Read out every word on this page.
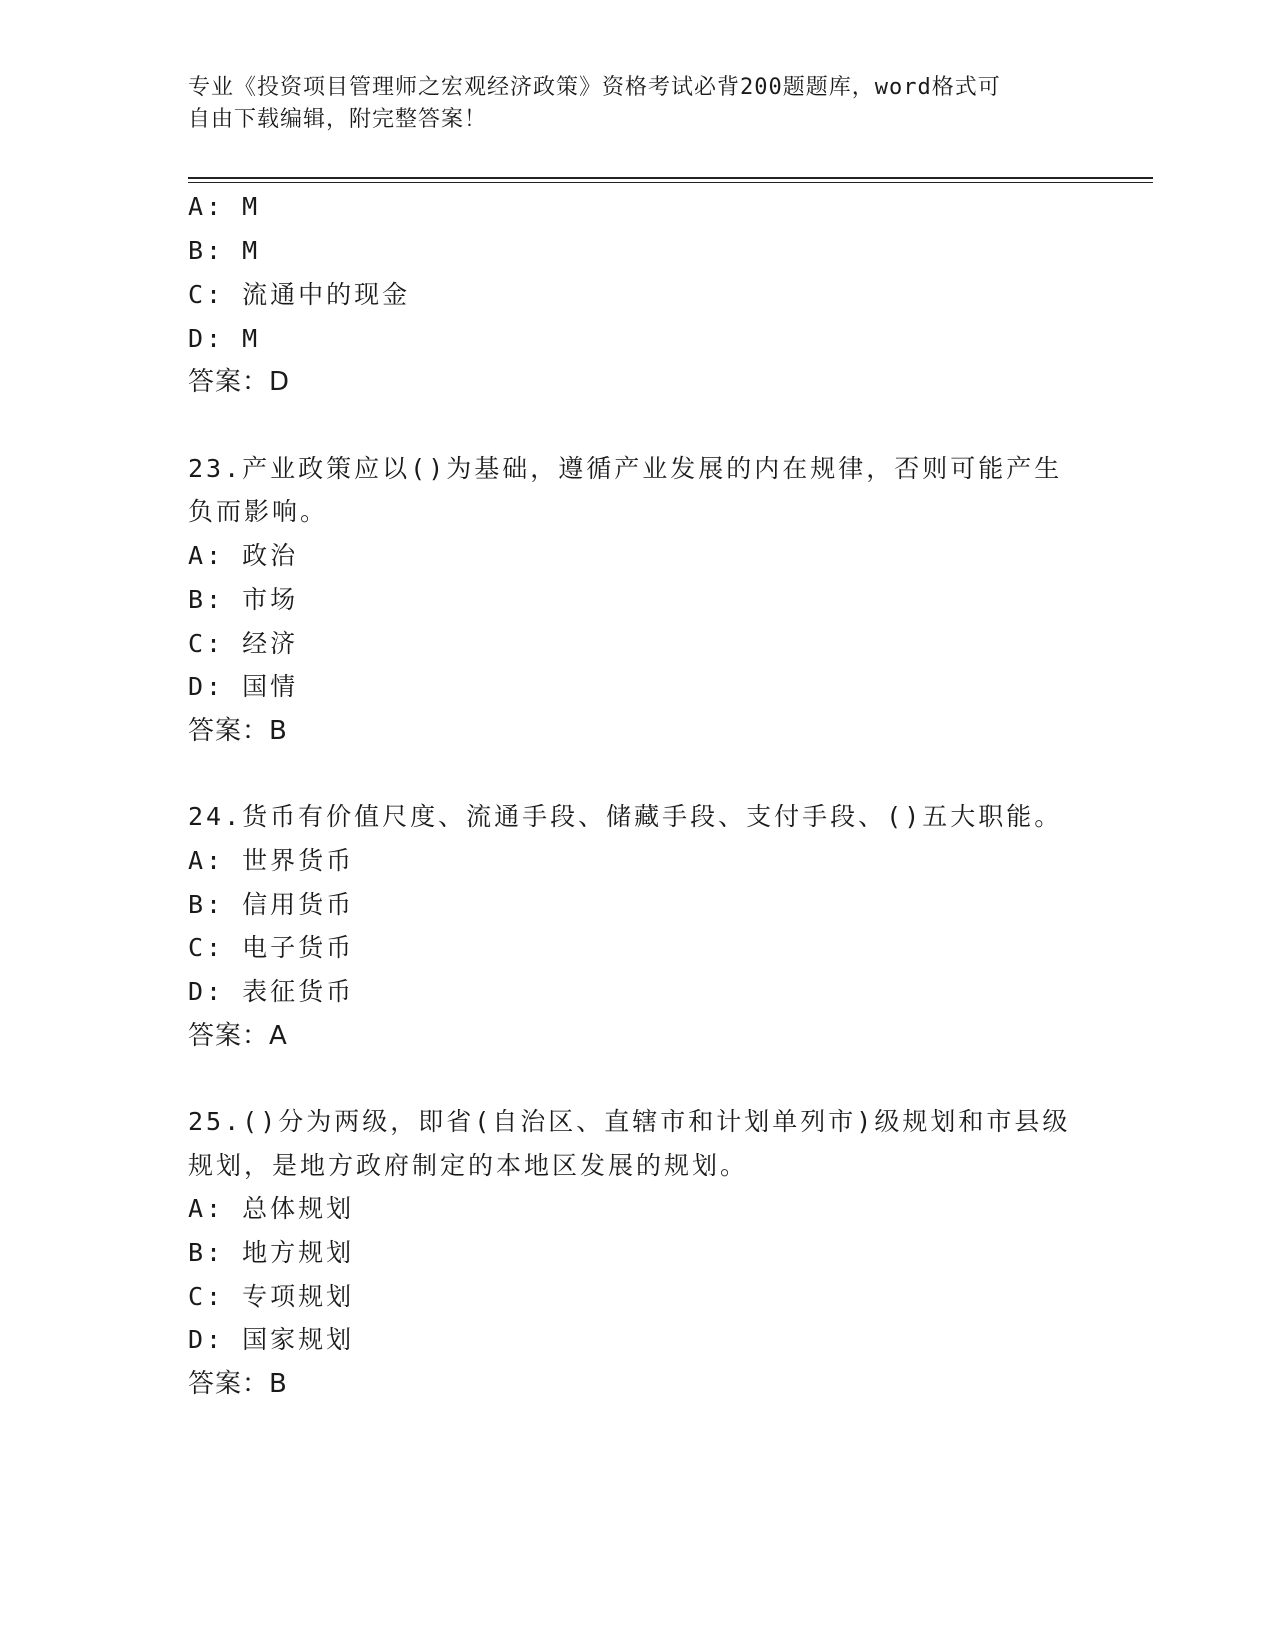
专业《投资项目管理师之宏观经济政策》资格考试必背200题题库，word格式可
自由下载编辑，附完整答案！
A: M
B: M
C: 流通中的现金
D: M
答案：D
23.产业政策应以()为基础，遵循产业发展的内在规律，否则可能产生
负而影响。
A: 政治
B: 市场
C: 经济
D: 国情
答案：B
24.货币有价值尺度、流通手段、储藏手段、支付手段、()五大职能。
A: 世界货币
B: 信用货币
C: 电子货币
D: 表征货币
答案：A
25.()分为两级，即省(自治区、直辖市和计划单列市)级规划和市县级
规划，是地方政府制定的本地区发展的规划。
A: 总体规划
B: 地方规划
C: 专项规划
D: 国家规划
答案：B
